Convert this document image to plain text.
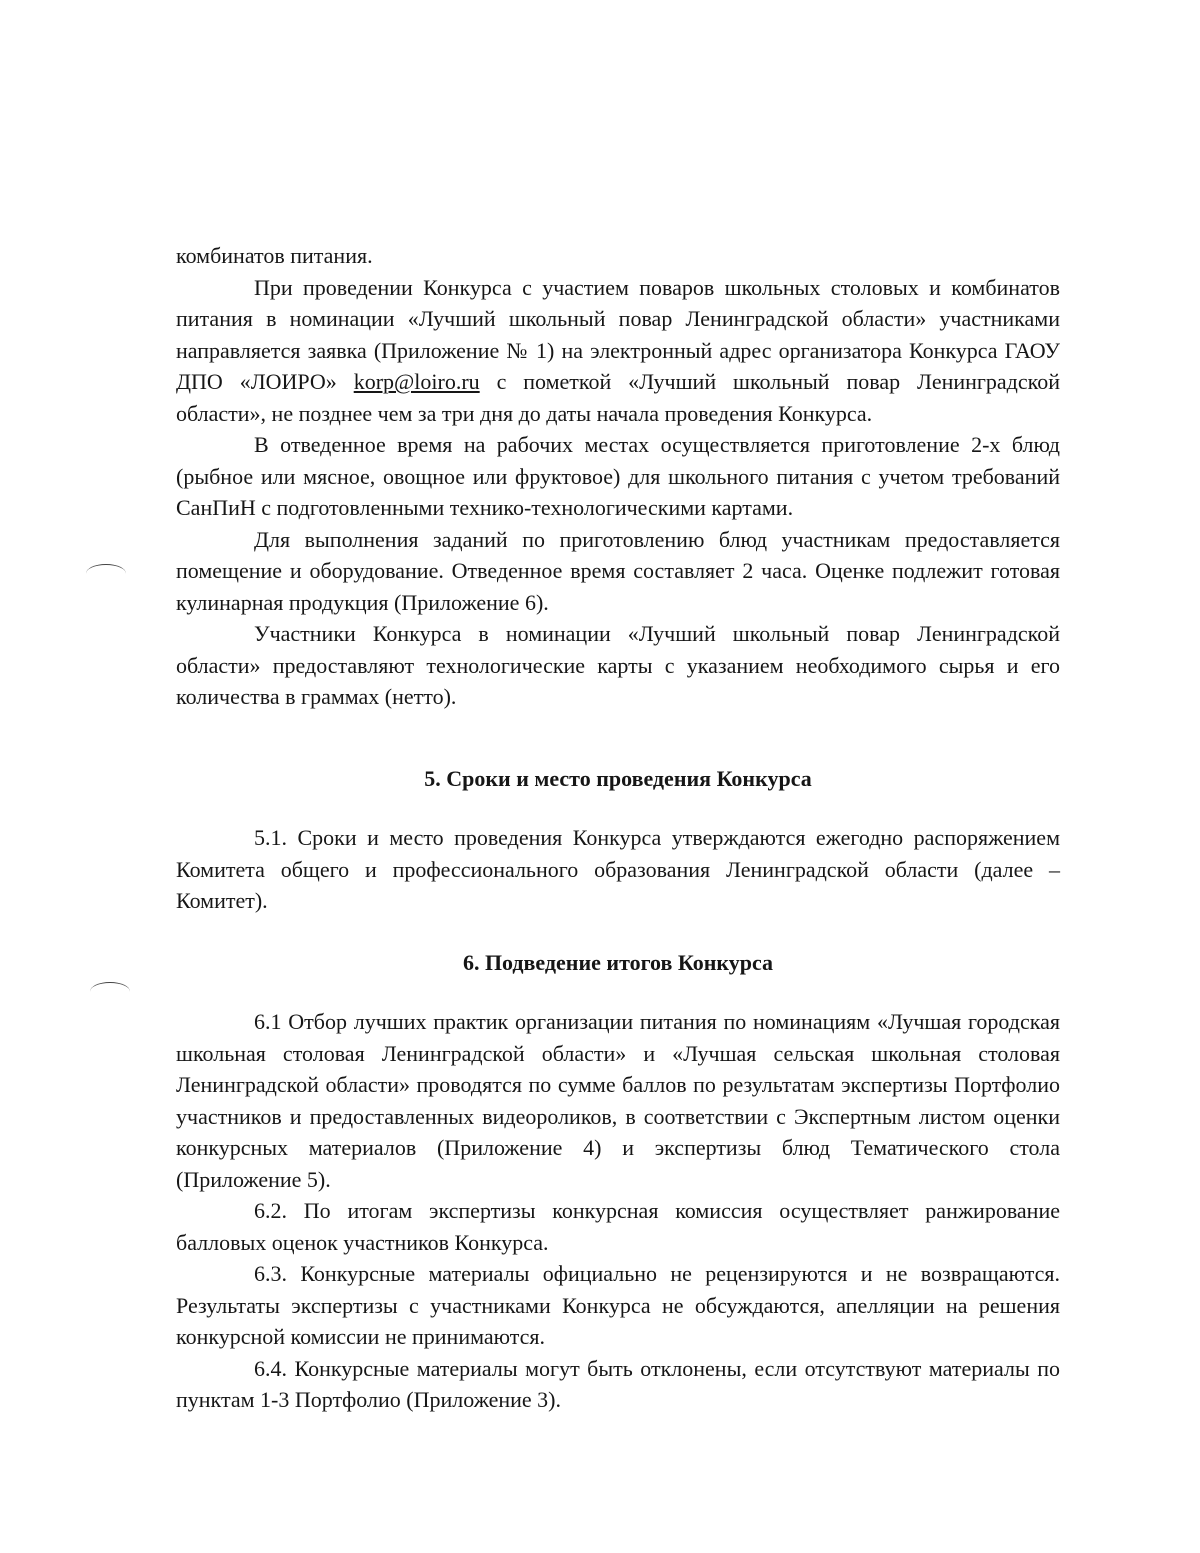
комбинатов питания.

При проведении Конкурса с участием поваров школьных столовых и комбинатов питания в номинации «Лучший школьный повар Ленинградской области» участниками направляется заявка (Приложение № 1) на электронный адрес организатора Конкурса ГАОУ ДПО «ЛОИРО» korp@loiro.ru с пометкой «Лучший школьный повар Ленинградской области», не позднее чем за три дня до даты начала проведения Конкурса.

В отведенное время на рабочих местах осуществляется приготовление 2-х блюд (рыбное или мясное, овощное или фруктовое) для школьного питания с учетом требований СанПиН с подготовленными технико-технологическими картами.

Для выполнения заданий по приготовлению блюд участникам предоставляется помещение и оборудование. Отведенное время составляет 2 часа. Оценке подлежит готовая кулинарная продукция (Приложение 6).

Участники Конкурса в номинации «Лучший школьный повар Ленинградской области» предоставляют технологические карты с указанием необходимого сырья и его количества в граммах (нетто).

5. Сроки и место проведения Конкурса

5.1. Сроки и место проведения Конкурса утверждаются ежегодно распоряжением Комитета общего и профессионального образования Ленинградской области (далее – Комитет).

6. Подведение итогов Конкурса

6.1 Отбор лучших практик организации питания по номинациям «Лучшая городская школьная столовая Ленинградской области» и «Лучшая сельская школьная столовая Ленинградской области» проводятся по сумме баллов по результатам экспертизы Портфолио участников и предоставленных видеороликов, в соответствии с Экспертным листом оценки конкурсных материалов (Приложение 4) и экспертизы блюд Тематического стола (Приложение 5).

6.2. По итогам экспертизы конкурсная комиссия осуществляет ранжирование балловых оценок участников Конкурса.

6.3. Конкурсные материалы официально не рецензируются и не возвращаются. Результаты экспертизы с участниками Конкурса не обсуждаются, апелляции на решения конкурсной комиссии не принимаются.

6.4. Конкурсные материалы могут быть отклонены, если отсутствуют материалы по пунктам 1-3 Портфолио (Приложение 3).
